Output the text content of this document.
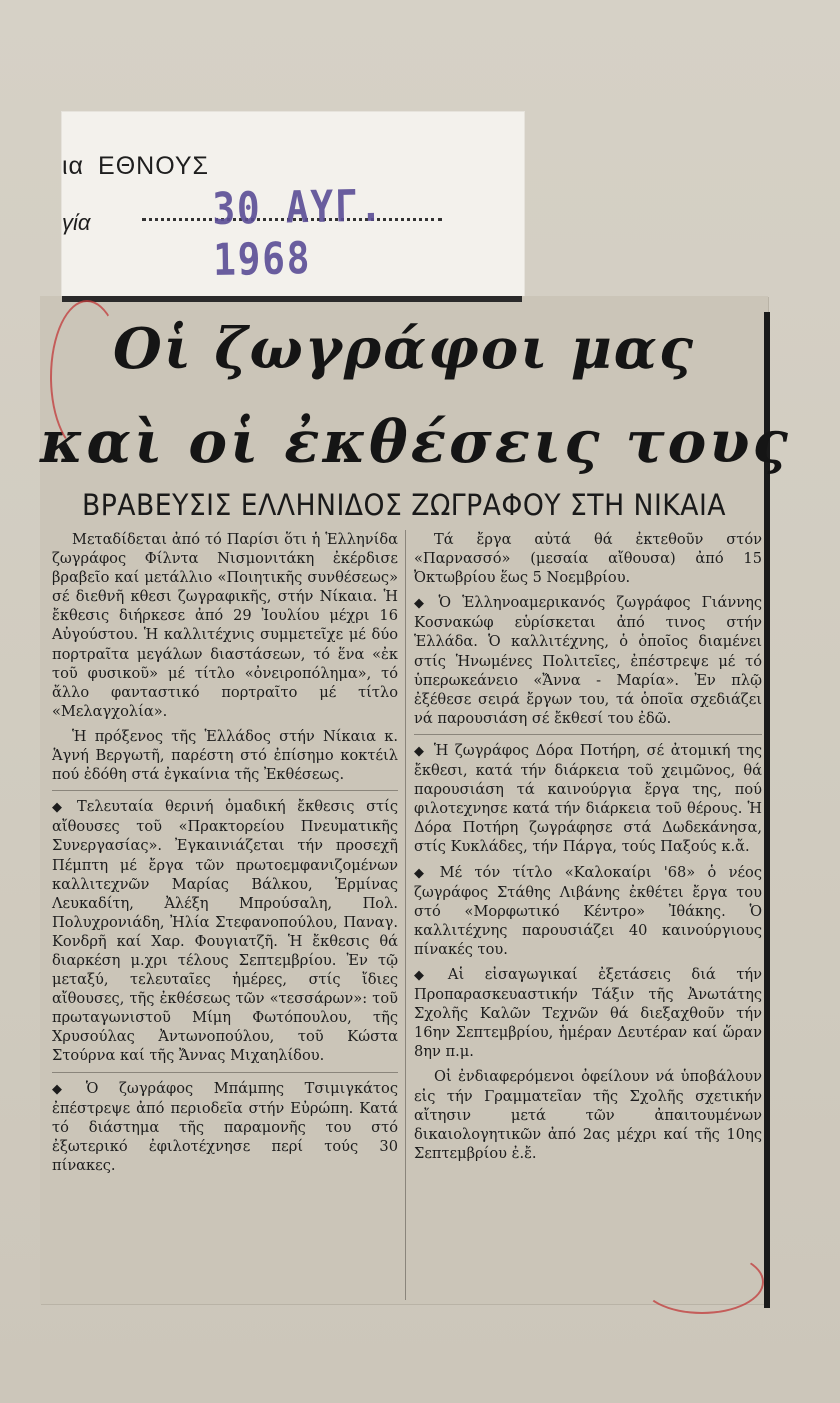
ια ΕΘΝΟΥΣ
γία	30 ΑΥΓ. 1968
Οἱ ζωγράφοι μας
καὶ οἱ ἐκθέσεις τους
ΒΡΑΒΕΥΣΙΣ ΕΛΛΗΝΙΔΟΣ ΖΩΓΡΑΦΟΥ ΣΤΗ ΝΙΚΑΙΑ

Μεταδίδεται ἀπό τό Παρίσι ὅτι ἡ Ἑλληνίδα ζωγράφος Φίλντα Νισμονιτάκη ἐκέρδισε βραβεῖο καί μετάλλιο «Ποιητικῆς συνθέσεως» σέ διεθνῆ κθεσι ζωγραφικῆς, στήν Νίκαια. Ἡ ἔκθεσις διήρκεσε ἀπό 29 Ἰουλίου μέχρι 16 Αὐγούστου. Ἡ καλλιτέχνις συμμετεῖχε μέ δύο πορτραῖτα μεγάλων διαστάσεων, τό ἕνα «ἐκ τοῦ φυσικοῦ» μέ τίτλο «ὀνειροπόλημα», τό ἄλλο φανταστικό πορτραῖτο μέ τίτλο «Μελαγχολία».

Ἡ πρόξενος τῆς Ἑλλάδος στήν Νίκαια κ. Ἁγνή Βεργωτῆ, παρέστη στό ἐπίσημο κοκτέιλ πού ἐδόθη στά ἐγκαίνια τῆς Ἐκθέσεως.

◆ Τελευταία θερινή ὁμαδική ἔκθεσις στίς αἴθουσες τοῦ «Πρακτορείου Πνευματικῆς Συνεργασίας». Ἐγκαινιάζεται τήν προσεχῆ Πέμπτη μέ ἔργα τῶν πρωτοεμφανιζομένων καλλιτεχνῶν Μαρίας Βάλκου, Ἑρμίνας Λευκαδίτη, Ἀλέξη Μπρούσαλη, Πολ. Πολυχρονιάδη, Ἠλία Στεφανοπούλου, Παναγ. Κονδρῆ καί Χαρ. Φουγιατζῆ. Ἡ ἔκθεσις θά διαρκέση μ.χρι τέλους Σεπτεμβρίου. Ἐν τῷ μεταξύ, τελευταῖες ἡμέρες, στίς ἴδιες αἴθουσες, τῆς ἐκθέσεως τῶν «τεσσάρων»: τοῦ πρωταγωνιστοῦ Μίμη Φωτόπουλου, τῆς Χρυσούλας Ἀντωνοπούλου, τοῦ Κώστα Στούρνα καί τῆς Ἄννας Μιχαηλίδου.

◆ Ὁ ζωγράφος Μπάμπης Τσιμιγκάτος ἐπέστρεψε ἀπό περιοδεῖα στήν Εὐρώπη. Κατά τό διάστημα τῆς παραμονῆς του στό ἐξωτερικό ἐφιλοτέχνησε περί τούς 30 πίνακες.

Τά ἔργα αὐτά θά ἐκτεθοῦν στόν «Παρνασσό» (μεσαία αἴθουσα) ἀπό 15 Ὀκτωβρίου ἕως 5 Νοεμβρίου.

◆ Ὁ Ἑλληνοαμερικανός ζωγράφος Γιάννης Κοσνακώφ εὑρίσκεται ἀπό τινος στήν Ἑλλάδα. Ὁ καλλιτέχνης, ὁ ὁποῖος διαμένει στίς Ἡνωμένες Πολιτεῖες, ἐπέστρεψε μέ τό ὑπερωκεάνειο «Ἄννα - Μαρία». Ἐν πλῷ ἐξέθεσε σειρά ἔργων του, τά ὁποῖα σχεδιάζει νά παρουσιάση σέ ἔκθεσί του ἐδῶ.

◆ Ἡ ζωγράφος Δόρα Ποτήρη, σέ ἀτομική της ἔκθεσι, κατά τήν διάρκεια τοῦ χειμῶνος, θά παρουσιάση τά καινούργια ἔργα της, πού φιλοτεχνησε κατά τήν διάρκεια τοῦ θέρους. Ἡ Δόρα Ποτήρη ζωγράφησε στά Δωδεκάνησα, στίς Κυκλάδες, τήν Πάργα, τούς Παξούς κ.ἄ.

◆ Μέ τόν τίτλο «Καλοκαίρι '68» ὁ νέος ζωγράφος Στάθης Λιβάνης ἐκθέτει ἔργα του στό «Μορφωτικό Κέντρο» Ἰθάκης. Ὁ καλλιτέχνης παρουσιάζει 40 καινούργιους πίνακές του.

◆ Αἱ εἰσαγωγικαί ἐξετάσεις διά τήν Προπαρασκευαστικήν Τάξιν τῆς Ἀνωτάτης Σχολῆς Καλῶν Τεχνῶν θά διεξαχθοῦν τήν 16ην Σεπτεμβρίου, ἡμέραν Δευτέραν καί ὥραν 8ην π.μ.

Οἱ ἐνδιαφερόμενοι ὀφείλουν νά ὑποβάλουν εἰς τήν Γραμματεῖαν τῆς Σχολῆς σχετικήν αἴτησιν μετά τῶν ἀπαιτουμένων δικαιολογητικῶν ἀπό 2ας μέχρι καί τῆς 10ης Σεπτεμβρίου ἐ.ἔ.
